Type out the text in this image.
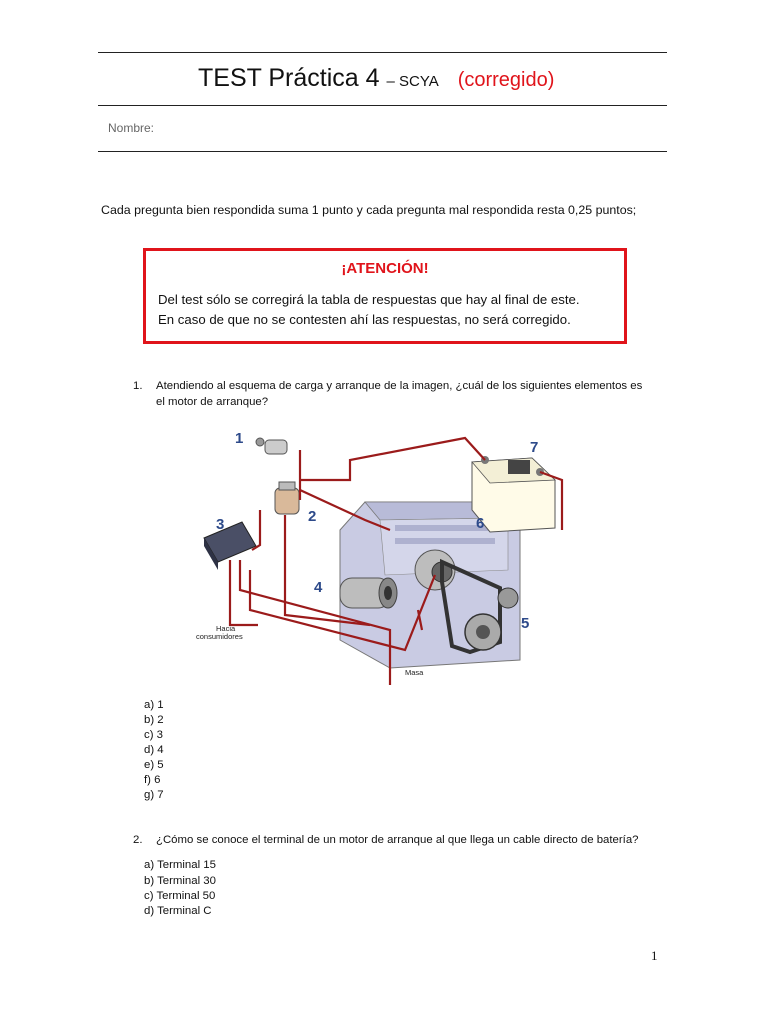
TEST Práctica 4 – SCYA (corregido)
Nombre:
Cada pregunta bien respondida suma 1 punto y cada pregunta mal respondida resta 0,25 puntos;
¡ATENCIÓN!
Del test sólo se corregirá la tabla de respuestas que hay al final de este.
En caso de que no se contesten ahí las respuestas, no será corregido.
1. Atendiendo al esquema de carga y arranque de la imagen, ¿cuál de los siguientes elementos es
el motor de arranque?
1
2
3
4
5
6
7
Hacia
consumidores
Masa
a) 1
b) 2
c) 3
d) 4
e) 5
f) 6
g) 7
2. ¿Cómo se conoce el terminal de un motor de arranque al que llega un cable directo de batería?
a) Terminal 15
b) Terminal 30
c) Terminal 50
d) Terminal C
1
